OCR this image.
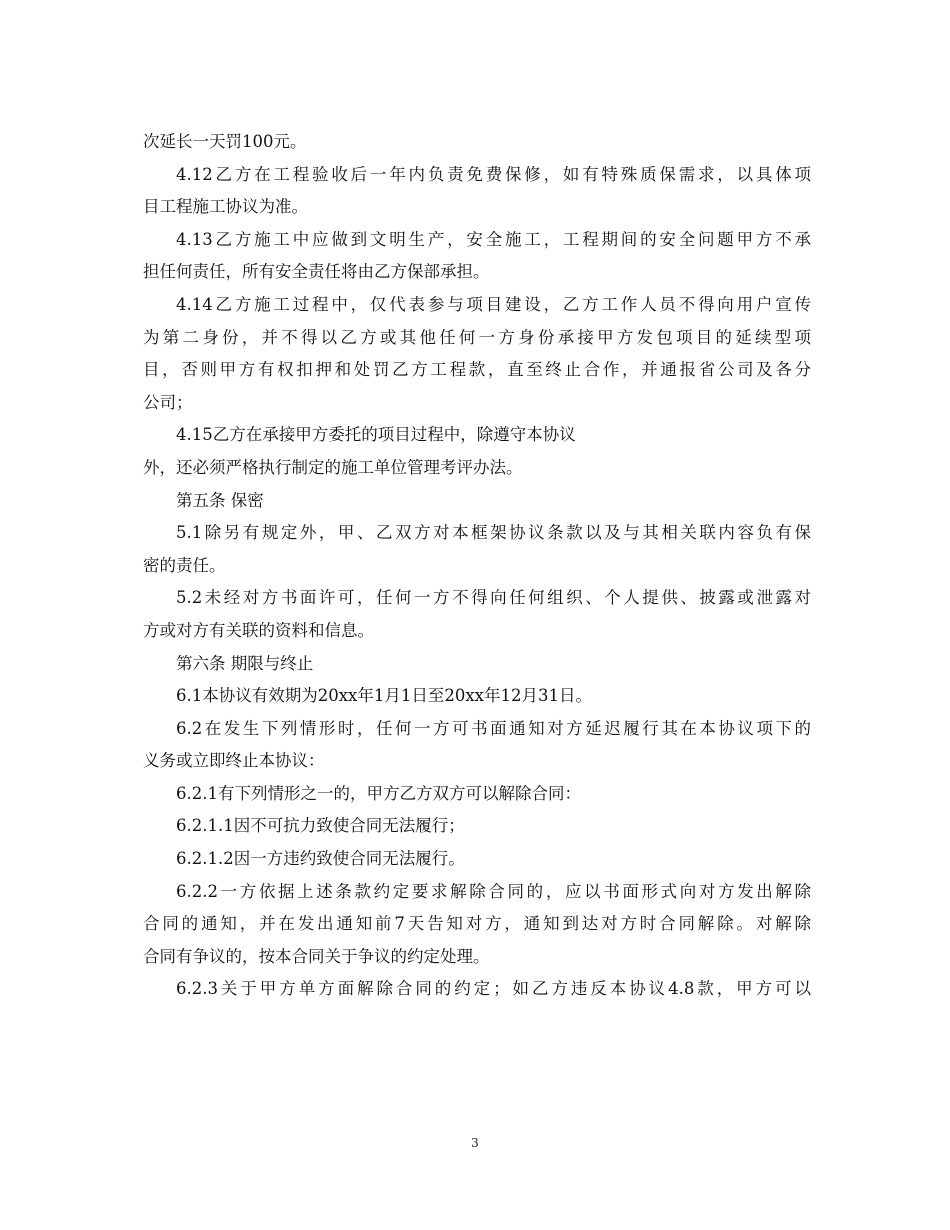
次延长一天罚100元。
4.12乙方在工程验收后一年内负责免费保修，如有特殊质保需求，以具体项
目工程施工协议为准。
4.13乙方施工中应做到文明生产，安全施工，工程期间的安全问题甲方不承
担任何责任，所有安全责任将由乙方保部承担。
4.14乙方施工过程中，仅代表参与项目建设，乙方工作人员不得向用户宣传
为第二身份，并不得以乙方或其他任何一方身份承接甲方发包项目的延续型项
目，否则甲方有权扣押和处罚乙方工程款，直至终止合作，并通报省公司及各分
公司；
4.15乙方在承接甲方委托的项目过程中，除遵守本协议
外，还必须严格执行制定的施工单位管理考评办法。
第五条 保密
5.1除另有规定外，甲、乙双方对本框架协议条款以及与其相关联内容负有保
密的责任。
5.2未经对方书面许可，任何一方不得向任何组织、个人提供、披露或泄露对
方或对方有关联的资料和信息。
第六条 期限与终止
6.1本协议有效期为20xx年1月1日至20xx年12月31日。
6.2在发生下列情形时，任何一方可书面通知对方延迟履行其在本协议项下的
义务或立即终止本协议：
6.2.1有下列情形之一的，甲方乙方双方可以解除合同：
6.2.1.1因不可抗力致使合同无法履行；
6.2.1.2因一方违约致使合同无法履行。
6.2.2一方依据上述条款约定要求解除合同的，应以书面形式向对方发出解除
合同的通知，并在发出通知前7天告知对方，通知到达对方时合同解除。对解除
合同有争议的，按本合同关于争议的约定处理。
6.2.3关于甲方单方面解除合同的约定；如乙方违反本协议4.8款，甲方可以
3
